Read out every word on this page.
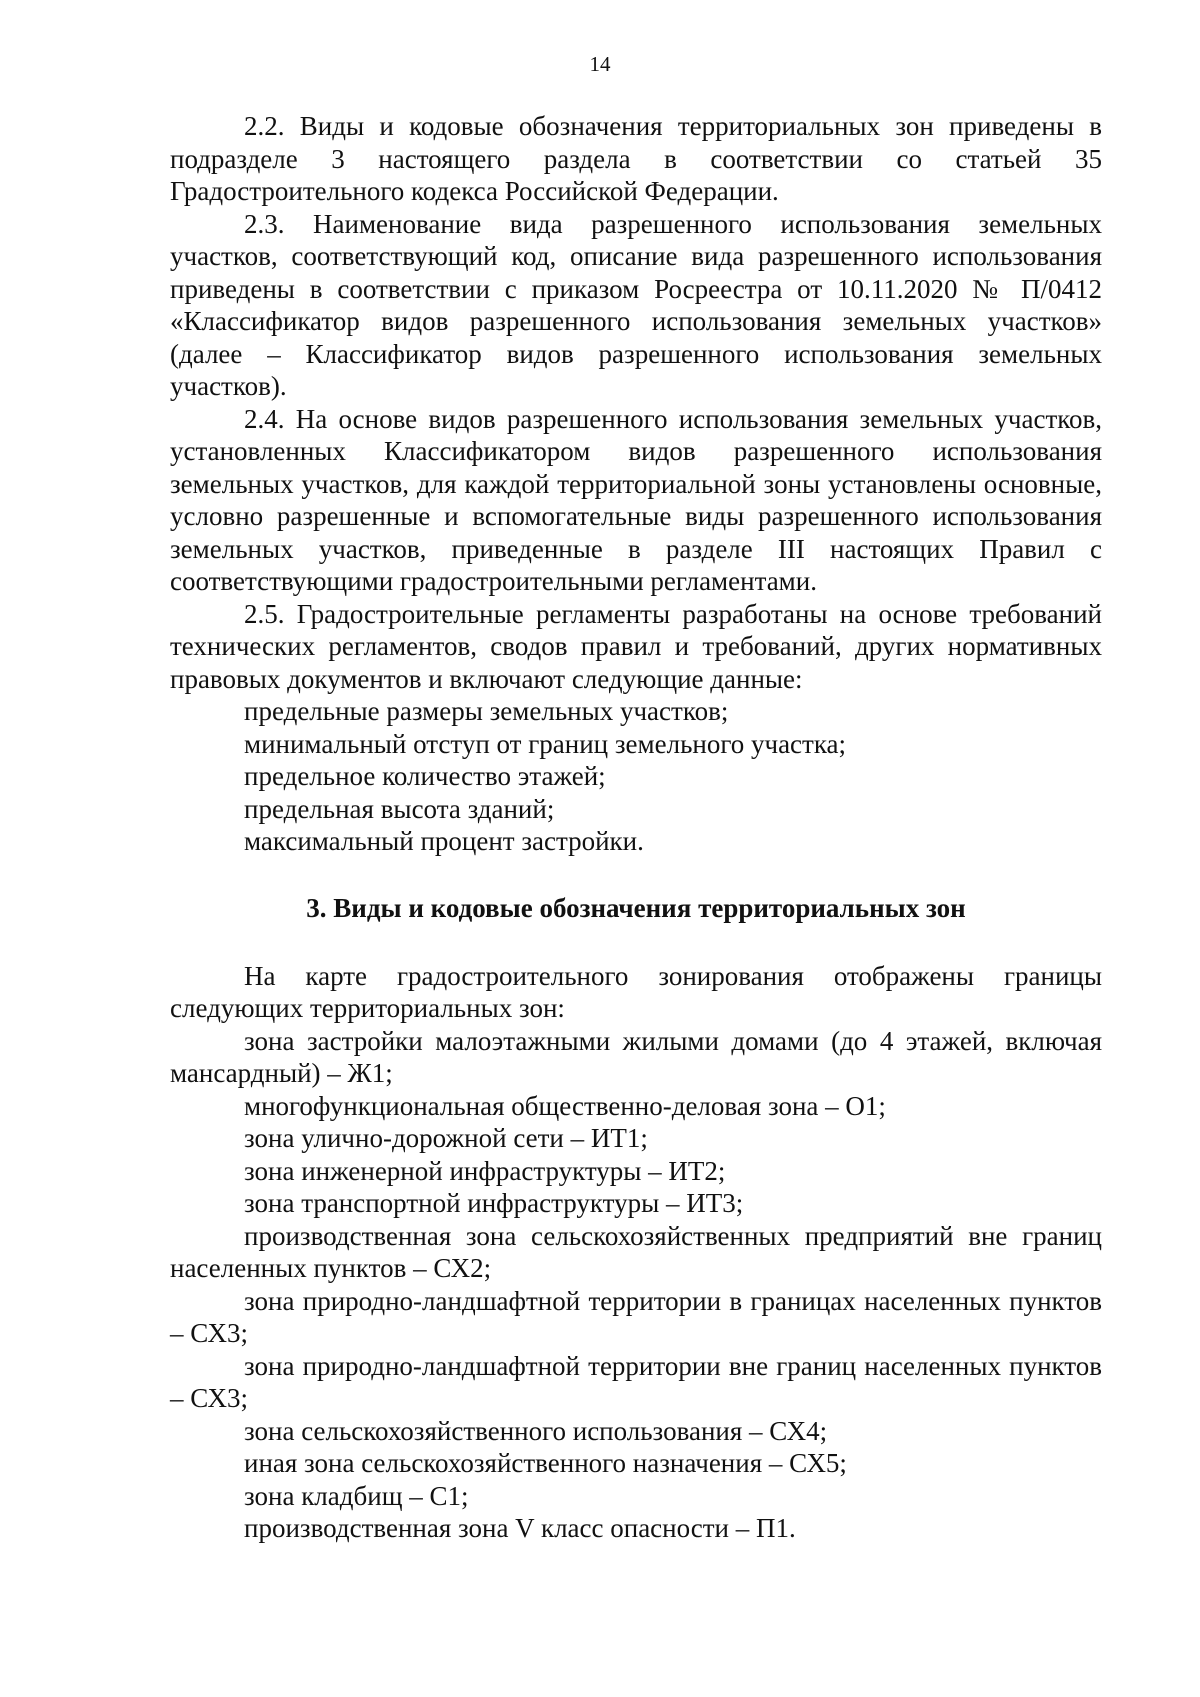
14

2.2. Виды и кодовые обозначения территориальных зон приведены в подразделе 3 настоящего раздела в соответствии со статьей 35 Градостроительного кодекса Российской Федерации.

2.3. Наименование вида разрешенного использования земельных участков, соответствующий код, описание вида разрешенного использования приведены в соответствии с приказом Росреестра от 10.11.2020 № П/0412 «Классификатор видов разрешенного использования земельных участков» (далее – Классификатор видов разрешенного использования земельных участков).

2.4. На основе видов разрешенного использования земельных участков, установленных Классификатором видов разрешенного использования земельных участков, для каждой территориальной зоны установлены основные, условно разрешенные и вспомогательные виды разрешенного использования земельных участков, приведенные в разделе III настоящих Правил с соответствующими градостроительными регламентами.

2.5. Градостроительные регламенты разработаны на основе требований технических регламентов, сводов правил и требований, других нормативных правовых документов и включают следующие данные:

предельные размеры земельных участков;

минимальный отступ от границ земельного участка;

предельное количество этажей;

предельная высота зданий;

максимальный процент застройки.

3. Виды и кодовые обозначения территориальных зон

На карте градостроительного зонирования отображены границы следующих территориальных зон:

зона застройки малоэтажными жилыми домами (до 4 этажей, включая мансардный) – Ж1;

многофункциональная общественно-деловая зона – О1;

зона улично-дорожной сети – ИТ1;

зона инженерной инфраструктуры – ИТ2;

зона транспортной инфраструктуры – ИТ3;

производственная зона сельскохозяйственных предприятий вне границ населенных пунктов – СХ2;

зона природно-ландшафтной территории в границах населенных пунктов – СХ3;

зона природно-ландшафтной территории вне границ населенных пунктов – СХ3;

зона сельскохозяйственного использования – СХ4;

иная зона сельскохозяйственного назначения – СХ5;

зона кладбищ – С1;

производственная зона V класс опасности – П1.
